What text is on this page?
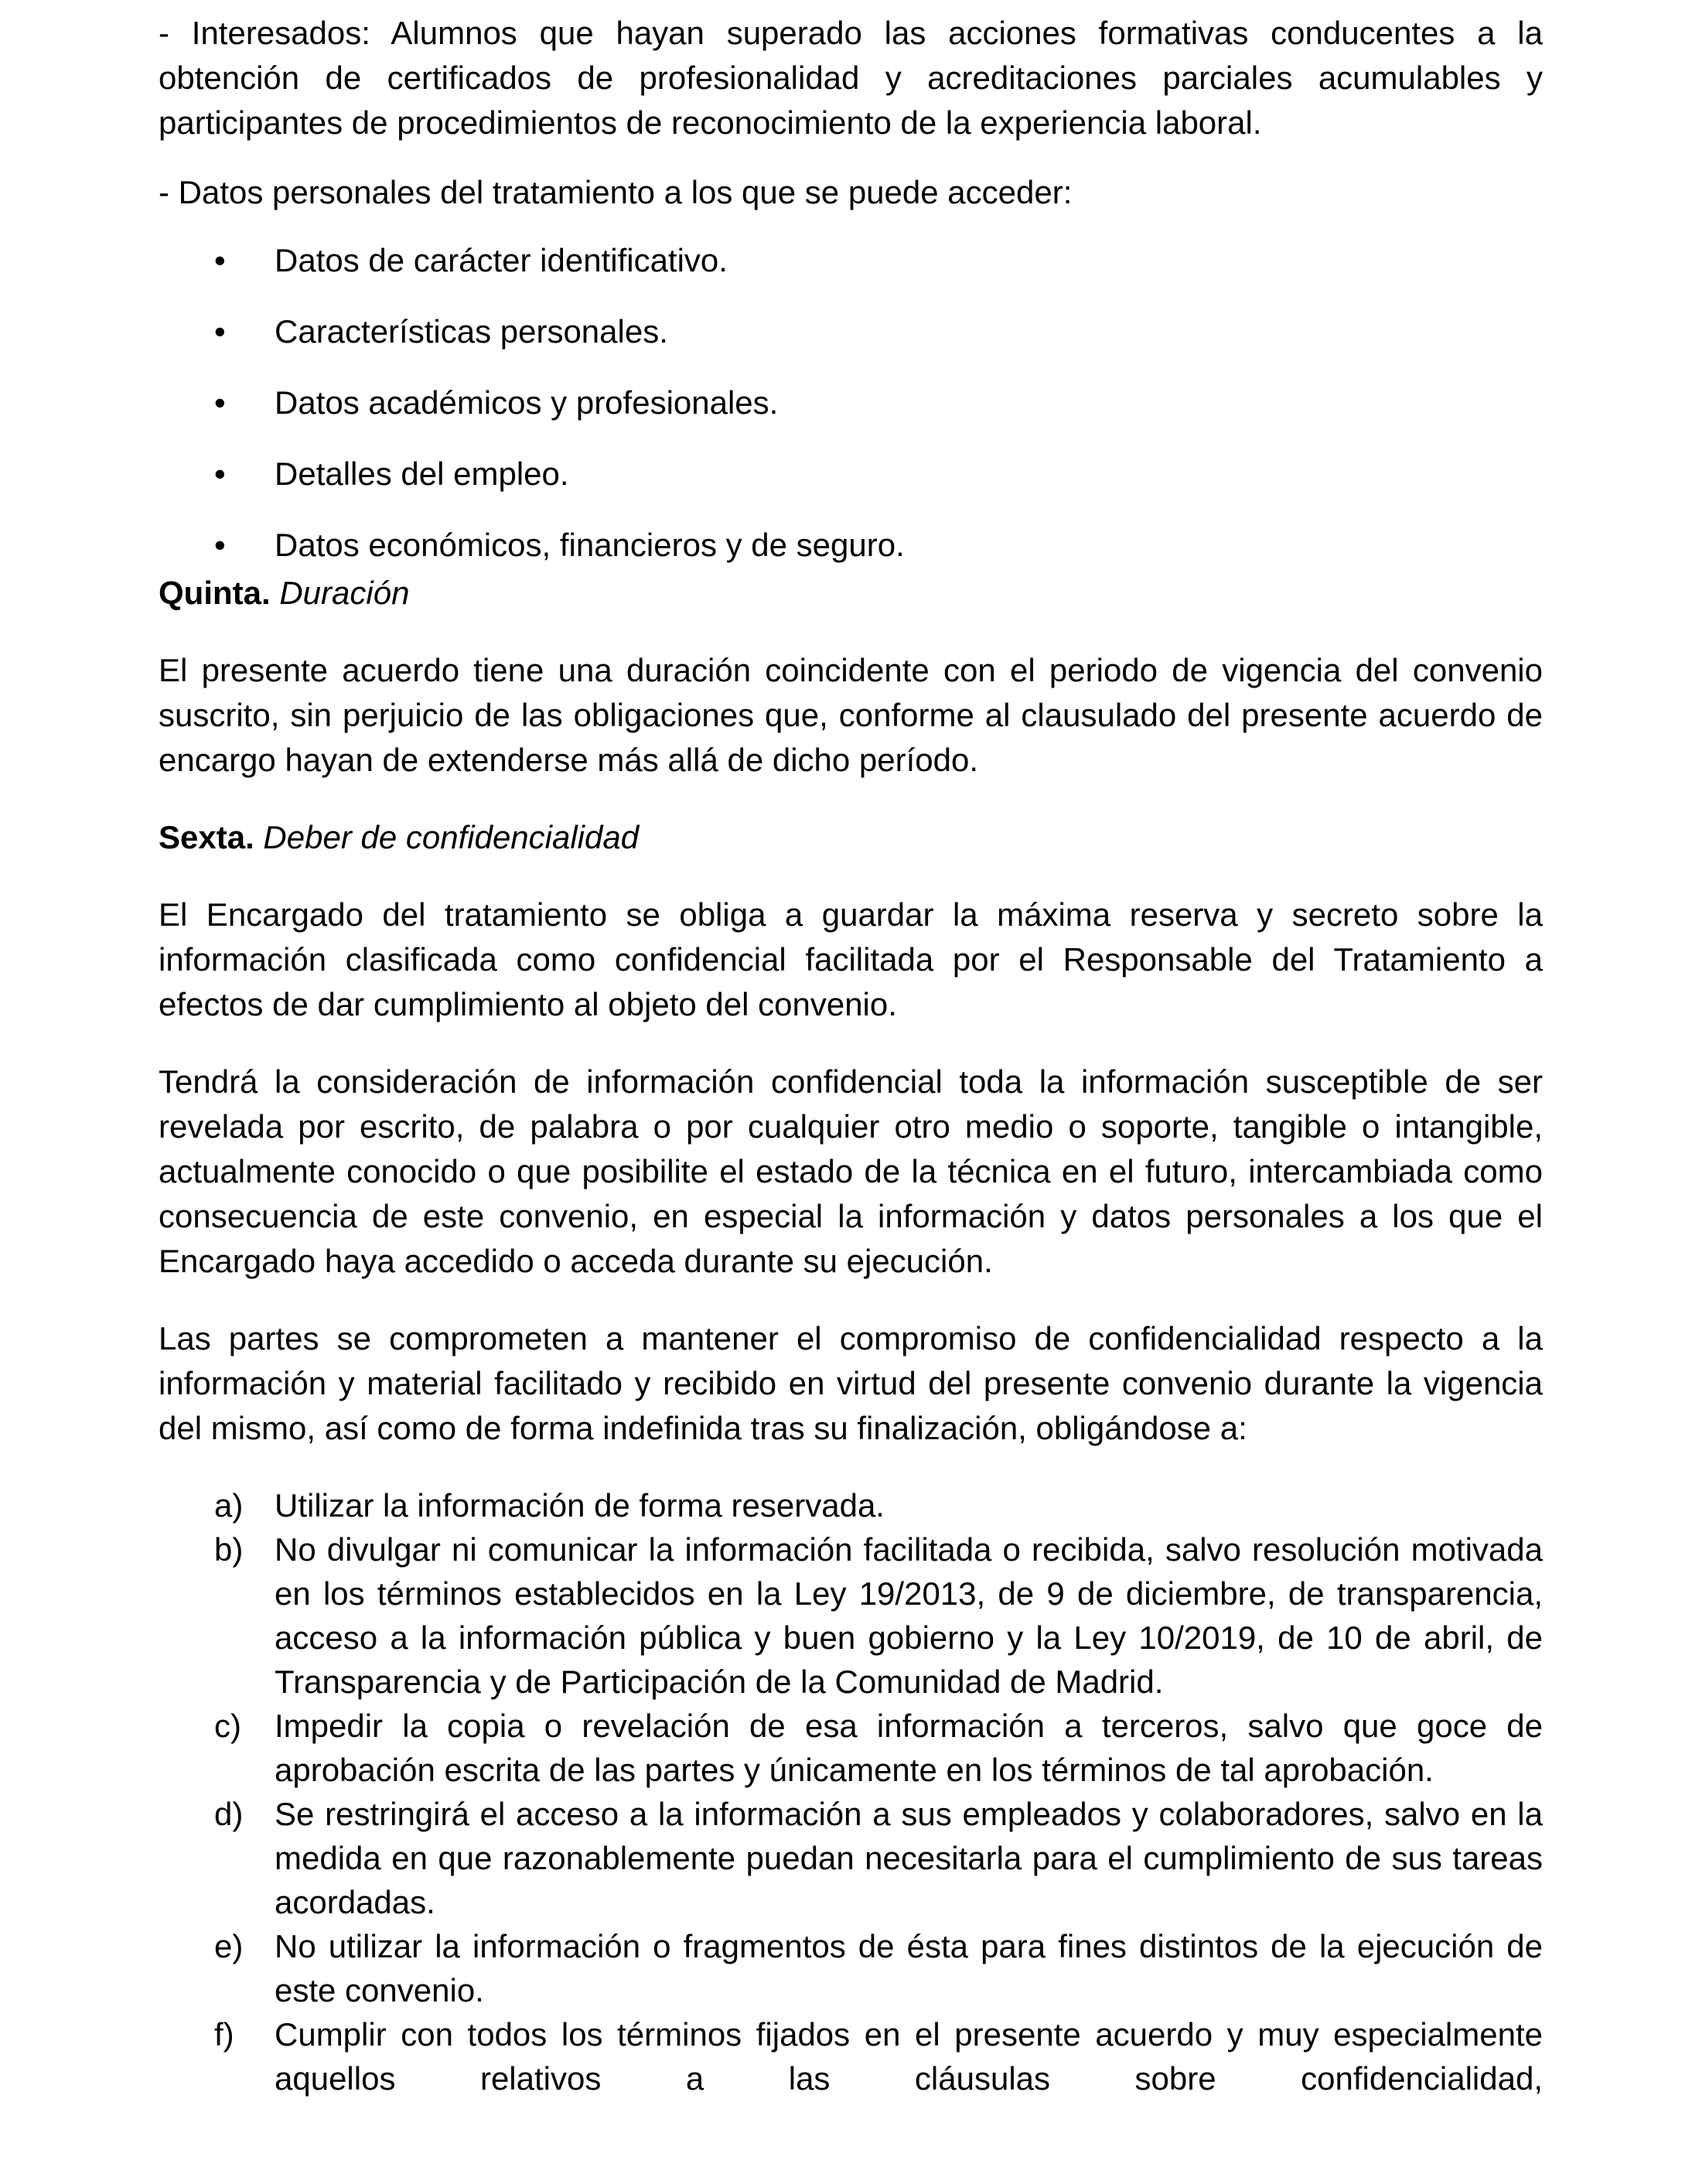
- Interesados: Alumnos que hayan superado las acciones formativas conducentes a la obtención de certificados de profesionalidad y acreditaciones parciales acumulables y participantes de procedimientos de reconocimiento de la experiencia laboral.

- Datos personales del tratamiento a los que se puede acceder:

• Datos de carácter identificativo.
• Características personales.
• Datos académicos y profesionales.
• Detalles del empleo.
• Datos económicos, financieros y de seguro.

Quinta. Duración

El presente acuerdo tiene una duración coincidente con el periodo de vigencia del convenio suscrito, sin perjuicio de las obligaciones que, conforme al clausulado del presente acuerdo de encargo hayan de extenderse más allá de dicho período.

Sexta. Deber de confidencialidad

El Encargado del tratamiento se obliga a guardar la máxima reserva y secreto sobre la información clasificada como confidencial facilitada por el Responsable del Tratamiento a efectos de dar cumplimiento al objeto del convenio.

Tendrá la consideración de información confidencial toda la información susceptible de ser revelada por escrito, de palabra o por cualquier otro medio o soporte, tangible o intangible, actualmente conocido o que posibilite el estado de la técnica en el futuro, intercambiada como consecuencia de este convenio, en especial la información y datos personales a los que el Encargado haya accedido o acceda durante su ejecución.

Las partes se comprometen a mantener el compromiso de confidencialidad respecto a la información y material facilitado y recibido en virtud del presente convenio durante la vigencia del mismo, así como de forma indefinida tras su finalización, obligándose a:

a) Utilizar la información de forma reservada.
b) No divulgar ni comunicar la información facilitada o recibida, salvo resolución motivada en los términos establecidos en la Ley 19/2013, de 9 de diciembre, de transparencia, acceso a la información pública y buen gobierno y la Ley 10/2019, de 10 de abril, de Transparencia y de Participación de la Comunidad de Madrid.
c) Impedir la copia o revelación de esa información a terceros, salvo que goce de aprobación escrita de las partes y únicamente en los términos de tal aprobación.
d) Se restringirá el acceso a la información a sus empleados y colaboradores, salvo en la medida en que razonablemente puedan necesitarla para el cumplimiento de sus tareas acordadas.
e) No utilizar la información o fragmentos de ésta para fines distintos de la ejecución de este convenio.
f) Cumplir con todos los términos fijados en el presente acuerdo y muy especialmente aquellos relativos a las cláusulas sobre confidencialidad,
